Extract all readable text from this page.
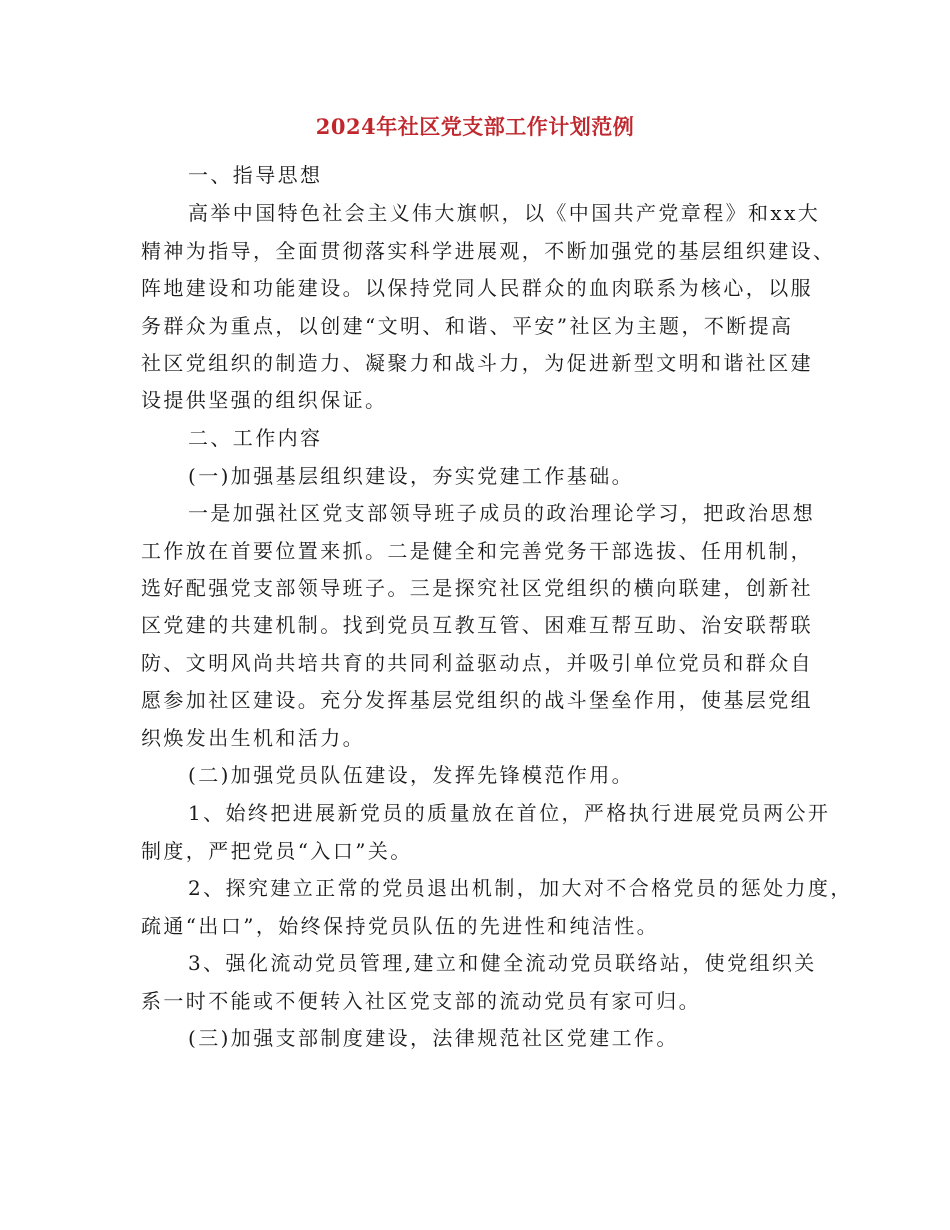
2024年社区党支部工作计划范例
一、指导思想
高举中国特色社会主义伟大旗帜，以《中国共产党章程》和xx大
精神为指导，全面贯彻落实科学进展观，不断加强党的基层组织建设、
阵地建设和功能建设。以保持党同人民群众的血肉联系为核心，以服
务群众为重点，以创建“文明、和谐、平安”社区为主题，不断提高
社区党组织的制造力、凝聚力和战斗力，为促进新型文明和谐社区建
设提供坚强的组织保证。
二、工作内容
(一)加强基层组织建设，夯实党建工作基础。
一是加强社区党支部领导班子成员的政治理论学习，把政治思想
工作放在首要位置来抓。二是健全和完善党务干部选拔、任用机制，
选好配强党支部领导班子。三是探究社区党组织的横向联建，创新社
区党建的共建机制。找到党员互教互管、困难互帮互助、治安联帮联
防、文明风尚共培共育的共同利益驱动点，并吸引单位党员和群众自
愿参加社区建设。充分发挥基层党组织的战斗堡垒作用，使基层党组
织焕发出生机和活力。
(二)加强党员队伍建设，发挥先锋模范作用。
1、始终把进展新党员的质量放在首位，严格执行进展党员两公开
制度，严把党员“入口”关。
2、探究建立正常的党员退出机制，加大对不合格党员的惩处力度，
疏通“出口”，始终保持党员队伍的先进性和纯洁性。
3、强化流动党员管理,建立和健全流动党员联络站，使党组织关
系一时不能或不便转入社区党支部的流动党员有家可归。
(三)加强支部制度建设，法律规范社区党建工作。
